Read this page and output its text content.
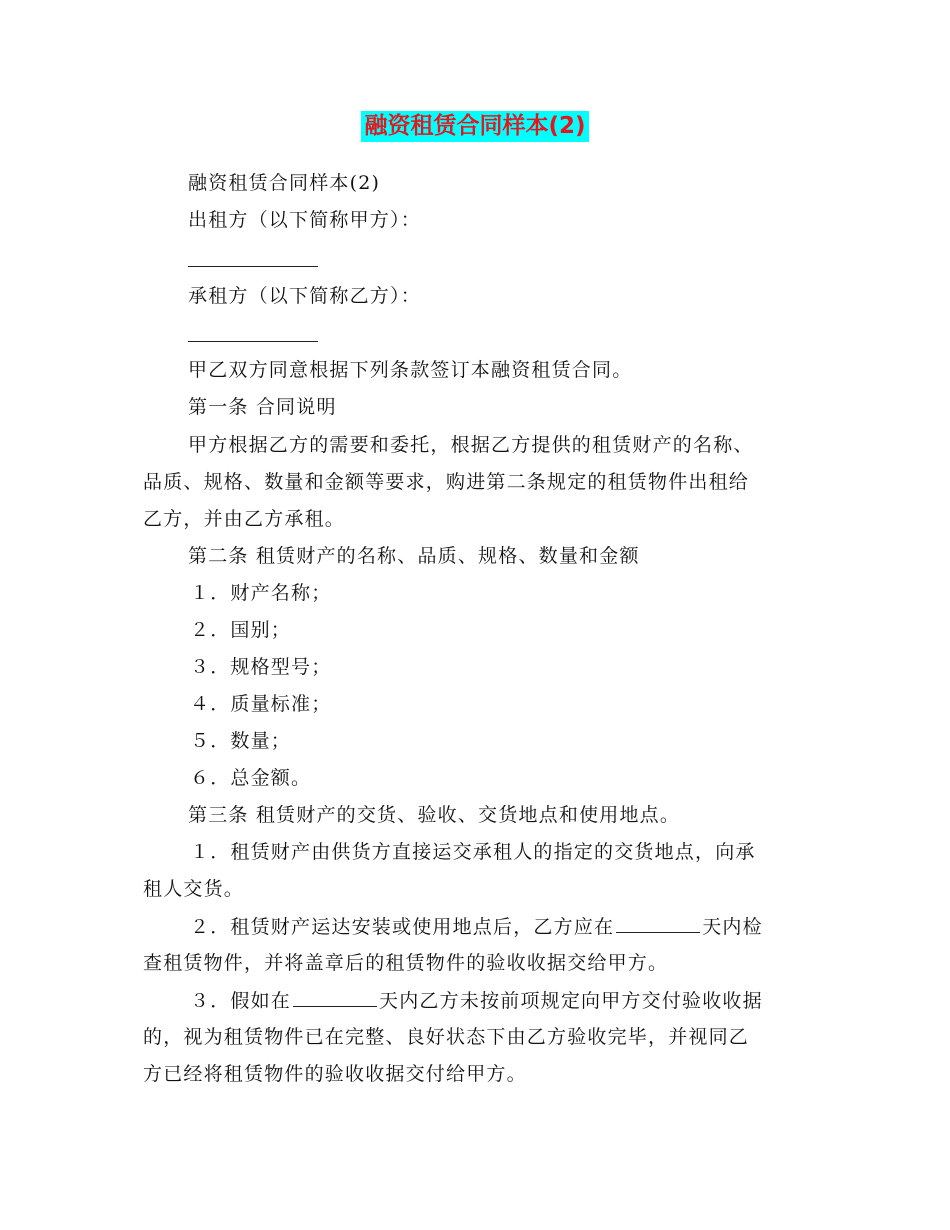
融资租赁合同样本(2)
融资租赁合同样本(2)
出租方（以下简称甲方）：
承租方（以下简称乙方）：
甲乙双方同意根据下列条款签订本融资租赁合同。
第一条 合同说明
甲方根据乙方的需要和委托，根据乙方提供的租赁财产的名称、
品质、规格、数量和金额等要求，购进第二条规定的租赁物件出租给
乙方，并由乙方承租。
第二条 租赁财产的名称、品质、规格、数量和金额
１．财产名称；
２．国别；
３．规格型号；
４．质量标准；
５．数量；
６．总金额。
第三条 租赁财产的交货、验收、交货地点和使用地点。
１．租赁财产由供货方直接运交承租人的指定的交货地点，向承
租人交货。
２．租赁财产运达安装或使用地点后，乙方应在	天内检
查租赁物件，并将盖章后的租赁物件的验收收据交给甲方。
３．假如在	天内乙方未按前项规定向甲方交付验收收据
的，视为租赁物件已在完整、良好状态下由乙方验收完毕，并视同乙
方已经将租赁物件的验收收据交付给甲方。
